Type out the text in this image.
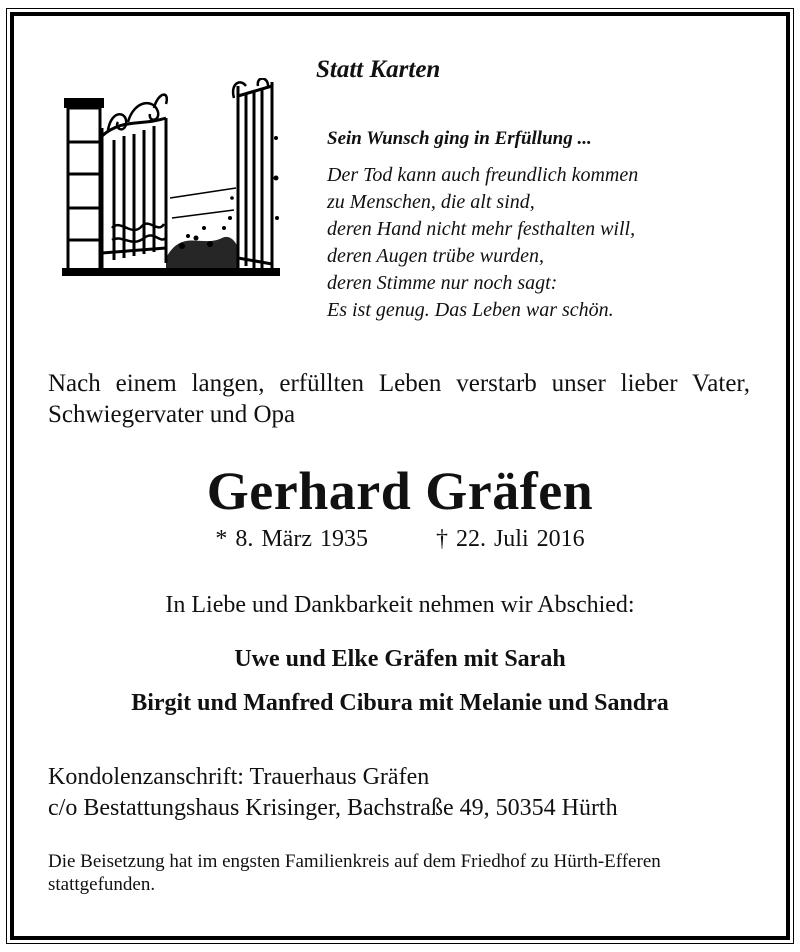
Statt Karten
Sein Wunsch ging in Erfüllung ...
Der Tod kann auch freundlich kommen
zu Menschen, die alt sind,
deren Hand nicht mehr festhalten will,
deren Augen trübe wurden,
deren Stimme nur noch sagt:
Es ist genug. Das Leben war schön.
Nach einem langen, erfüllten Leben verstarb unser lieber Vater, Schwiegervater und Opa
Gerhard Gräfen
* 8. März 1935	† 22. Juli 2016
In Liebe und Dankbarkeit nehmen wir Abschied:
Uwe und Elke Gräfen mit Sarah
Birgit und Manfred Cibura mit Melanie und Sandra
Kondolenzanschrift: Trauerhaus Gräfen
c/o Bestattungshaus Krisinger, Bachstraße 49, 50354 Hürth
Die Beisetzung hat im engsten Familienkreis auf dem Friedhof zu Hürth-Efferen stattgefunden.
